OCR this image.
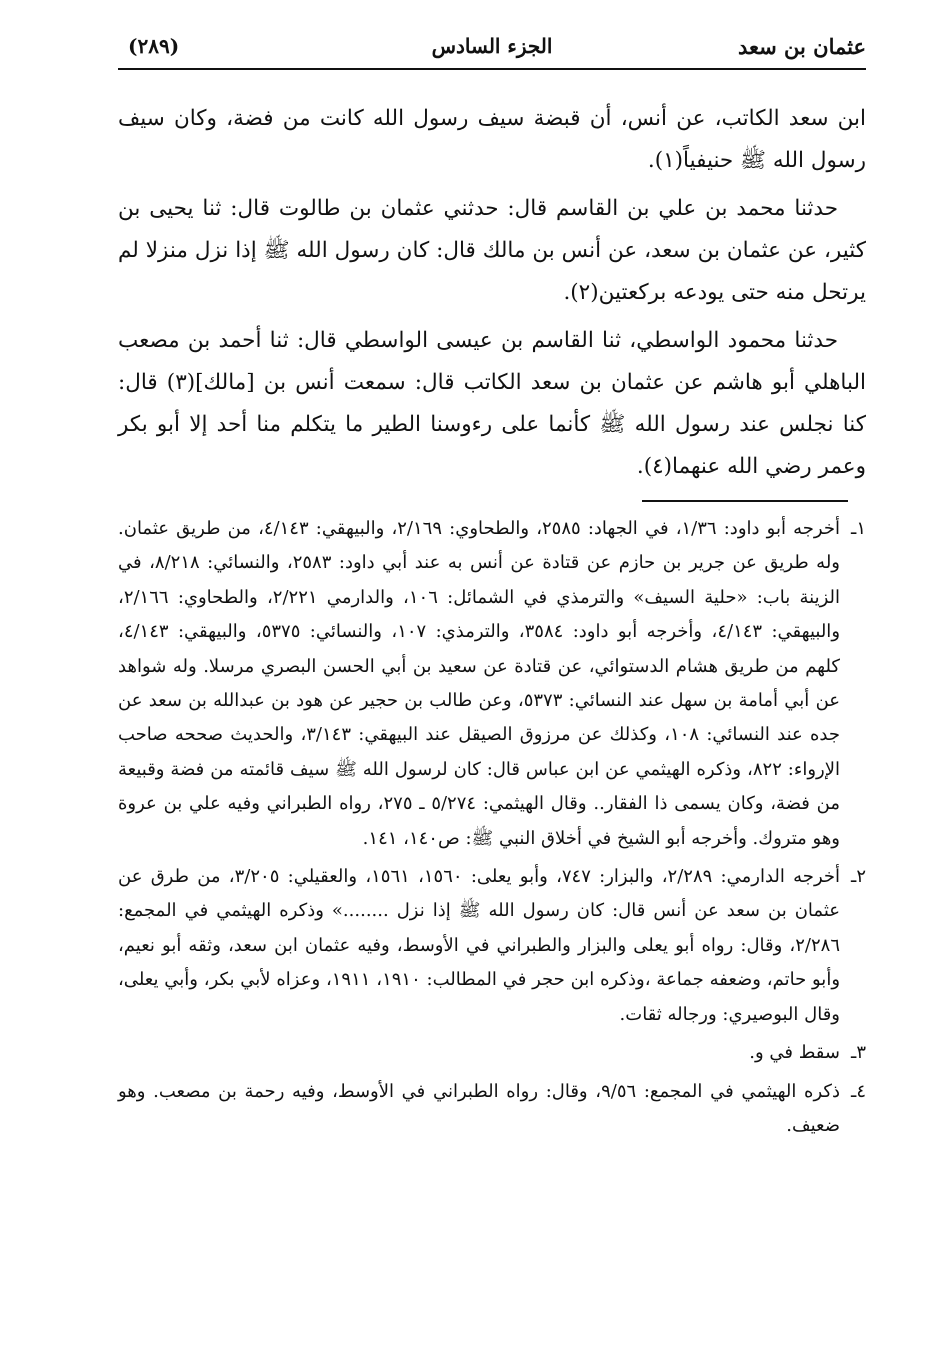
عثمان بن سعد
الجزء السادس
(٢٨٩)

ابن سعد الكاتب، عن أنس، أن قبضة سيف رسول الله كانت من فضة، وكان سيف رسول الله ﷺ حنيفياً(١).

حدثنا محمد بن علي بن القاسم قال: حدثني عثمان بن طالوت قال: ثنا يحيى بن كثير، عن عثمان بن سعد، عن أنس بن مالك قال: كان رسول الله ﷺ إذا نزل منزلا لم يرتحل منه حتى يودعه بركعتين(٢).

حدثنا محمود الواسطي، ثنا القاسم بن عيسى الواسطي قال: ثنا أحمد بن مصعب الباهلي أبو هاشم عن عثمان بن سعد الكاتب قال: سمعت أنس بن [مالك](٣) قال: كنا نجلس عند رسول الله ﷺ كأنما على رءوسنا الطير ما يتكلم منا أحد إلا أبو بكر وعمر رضي الله عنهما(٤).

١ـ
أخرجه أبو داود: ١/٣٦، في الجهاد: ٢٥٨٥، والطحاوي: ٢/١٦٩، والبيهقي: ٤/١٤٣، من طريق عثمان. وله طريق عن جرير بن حازم عن قتادة عن أنس به عند أبي داود: ٢٥٨٣، والنسائي: ٨/٢١٨، في الزينة باب: «حلية السيف» والترمذي في الشمائل: ١٠٦، والدارمي ٢/٢٢١، والطحاوي: ٢/١٦٦، والبيهقي: ٤/١٤٣، وأخرجه أبو داود: ٣٥٨٤، والترمذي: ١٠٧، والنسائي: ٥٣٧٥، والبيهقي: ٤/١٤٣، كلهم من طريق هشام الدستوائي، عن قتادة عن سعيد بن أبي الحسن البصري مرسلا. وله شواهد عن أبي أمامة بن سهل عند النسائي: ٥٣٧٣، وعن طالب بن حجير عن هود بن عبدالله بن سعد عن جده عند النسائي: ١٠٨، وكذلك عن مرزوق الصيقل عند البيهقي: ٣/١٤٣، والحديث صححه صاحب الإرواء: ٨٢٢، وذكره الهيثمي عن ابن عباس قال: كان لرسول الله ﷺ سيف قائمته من فضة وقبيعة من فضة، وكان يسمى ذا الفقار.. وقال الهيثمي: ٥/٢٧٤ ـ ٢٧٥، رواه الطبراني وفيه علي بن عروة وهو متروك. وأخرجه أبو الشيخ في أخلاق النبي ﷺ: ص١٤٠، ١٤١.
٢ـ
أخرجه الدارمي: ٢/٢٨٩، والبزار: ٧٤٧، وأبو يعلى: ١٥٦٠، ١٥٦١، والعقيلي: ٣/٢٠٥، من طرق عن عثمان بن سعد عن أنس قال: كان رسول الله ﷺ إذا نزل ........» وذكره الهيثمي في المجمع: ٢/٢٨٦، وقال: رواه أبو يعلى والبزار والطبراني في الأوسط، وفيه عثمان ابن سعد، وثقه أبو نعيم، وأبو حاتم، وضعفه جماعة ،وذكره ابن حجر في المطالب: ١٩١٠، ١٩١١، وعزاه لأبي بكر، وأبي يعلى، وقال البوصيري: ورجاله ثقات.
٣ـ
سقط في و.
٤ـ
ذكره الهيثمي في المجمع: ٩/٥٦، وقال: رواه الطبراني في الأوسط، وفيه رحمة بن مصعب. وهو ضعيف.
